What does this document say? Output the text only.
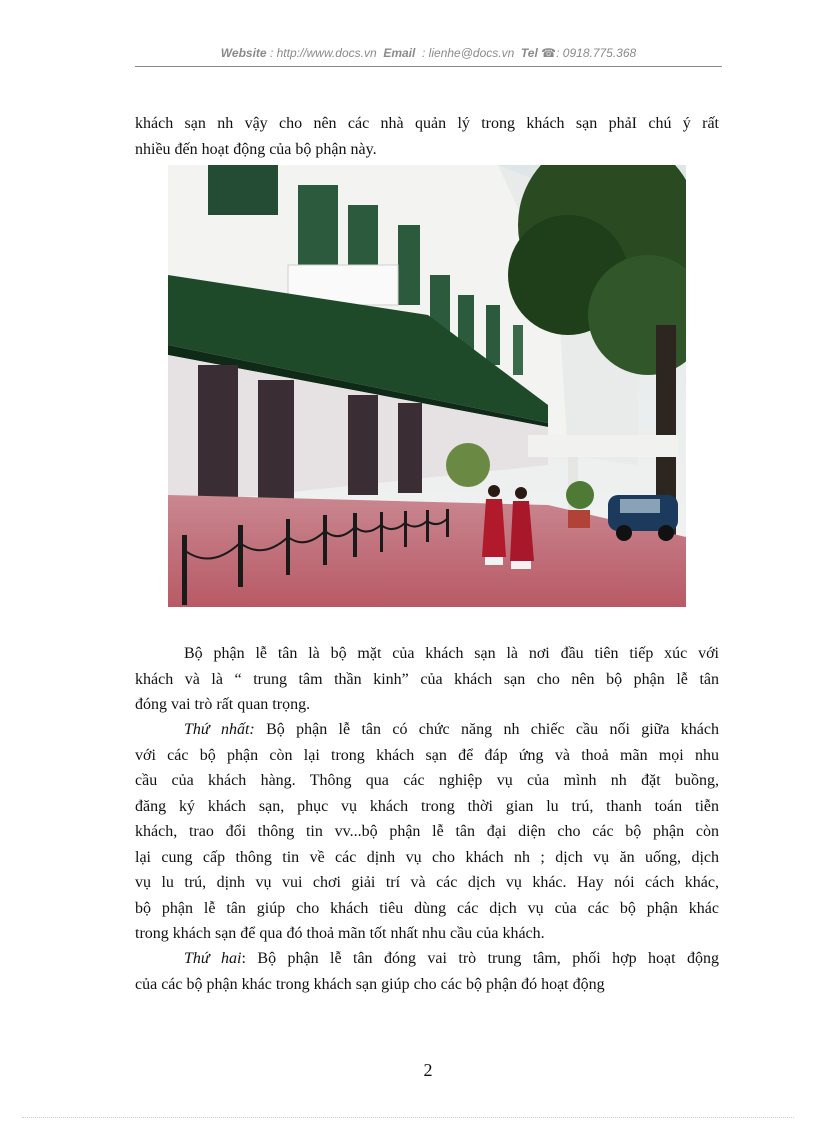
Website : http://www.docs.vn Email : lienhe@docs.vn Tel ☎: 0918.775.368
khách sạn nh vậy cho nên các nhà quản lý trong khách sạn phảI chú ý rất
nhiều đến hoạt động của bộ phận này.
Bộ phận lễ tân là bộ mặt của khách sạn là nơi đầu tiên tiếp xúc với
khách và là “ trung tâm thần kinh” của khách sạn cho nên bộ phận lễ tân
đóng vai trò rất quan trọng.
Thứ nhất: Bộ phận lễ tân có chức năng nh chiếc cầu nối giữa khách
với các bộ phận còn lại trong khách sạn để đáp ứng và thoả mãn mọi nhu
cầu của khách hàng. Thông qua các nghiệp vụ của mình nh đặt buồng,
đăng ký khách sạn, phục vụ khách trong thời gian lu trú, thanh toán tiễn
khách, trao đổi thông tin vv...bộ phận lễ tân đại diện cho các bộ phận còn
lại cung cấp thông tin về các dịnh vụ cho khách nh ; dịch vụ ăn uống, dịch
vụ lu trú, dịnh vụ vui chơi giải trí và các dịch vụ khác. Hay nói cách khác,
bộ phận lễ tân giúp cho khách tiêu dùng các dịch vụ của các bộ phận khác
trong khách sạn để qua đó thoả mãn tốt nhất nhu cầu của khách.
Thứ hai: Bộ phận lễ tân đóng vai trò trung tâm, phối hợp hoạt động
của các bộ phận khác trong khách sạn giúp cho các bộ phận đó hoạt động
2
